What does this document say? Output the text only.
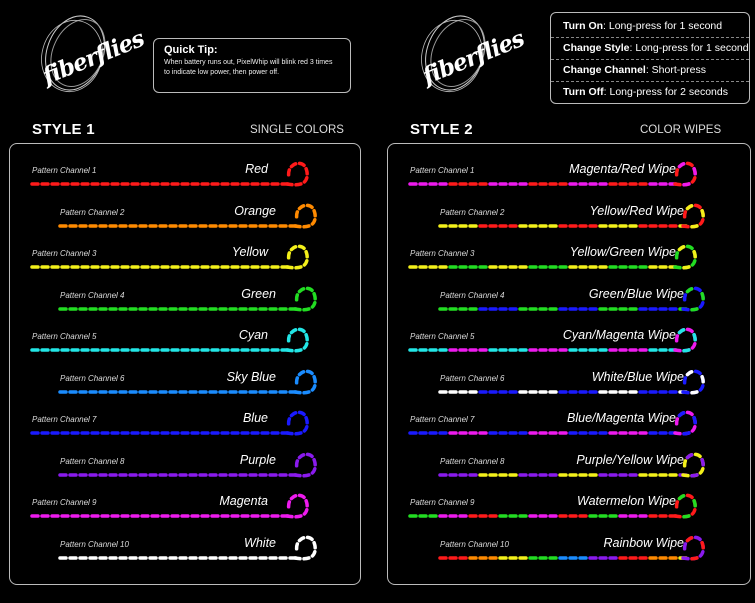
fiberflies	fiberflies
Quick Tip:
When battery runs out, PixelWhip will blink red 3 times to indicate low power, then power off.
Turn On: Long-press for 1 second
Change Style: Long-press for 1 second
Change Channel: Short-press
Turn Off: Long-press for 2 seconds
STYLE 1	SINGLE COLORS	STYLE 2	COLOR WIPES
Pattern Channel 1	Red
Pattern Channel 2	Orange
Pattern Channel 3	Yellow
Pattern Channel 4	Green
Pattern Channel 5	Cyan
Pattern Channel 6	Sky Blue
Pattern Channel 7	Blue
Pattern Channel 8	Purple
Pattern Channel 9	Magenta
Pattern Channel 10	White
Pattern Channel 1	Magenta/Red Wipe
Pattern Channel 2	Yellow/Red Wipe
Pattern Channel 3	Yellow/Green Wipe
Pattern Channel 4	Green/Blue Wipe
Pattern Channel 5	Cyan/Magenta Wipe
Pattern Channel 6	White/Blue Wipe
Pattern Channel 7	Blue/Magenta Wipe
Pattern Channel 8	Purple/Yellow Wipe
Pattern Channel 9	Watermelon Wipe
Pattern Channel 10	Rainbow Wipe
